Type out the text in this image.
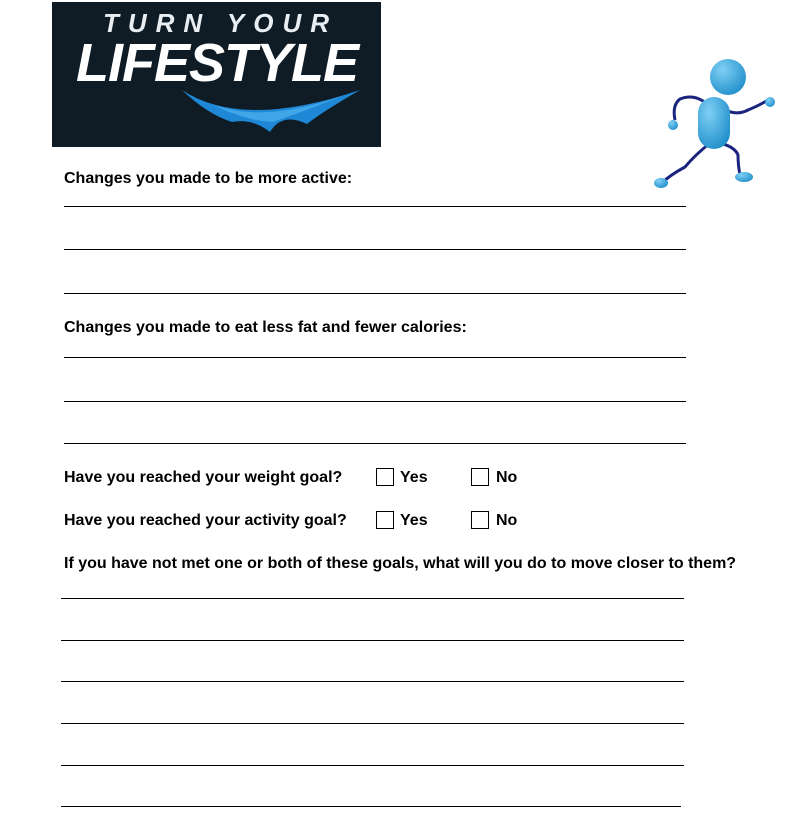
TURN YOUR
LIFESTYLE
Changes you made to be more active:
Changes you made to eat less fat and fewer calories:
Have you reached your weight goal?	Yes	No
Have you reached your activity goal?	Yes	No
If you have not met one or both of these goals, what will you do to move closer to them?
